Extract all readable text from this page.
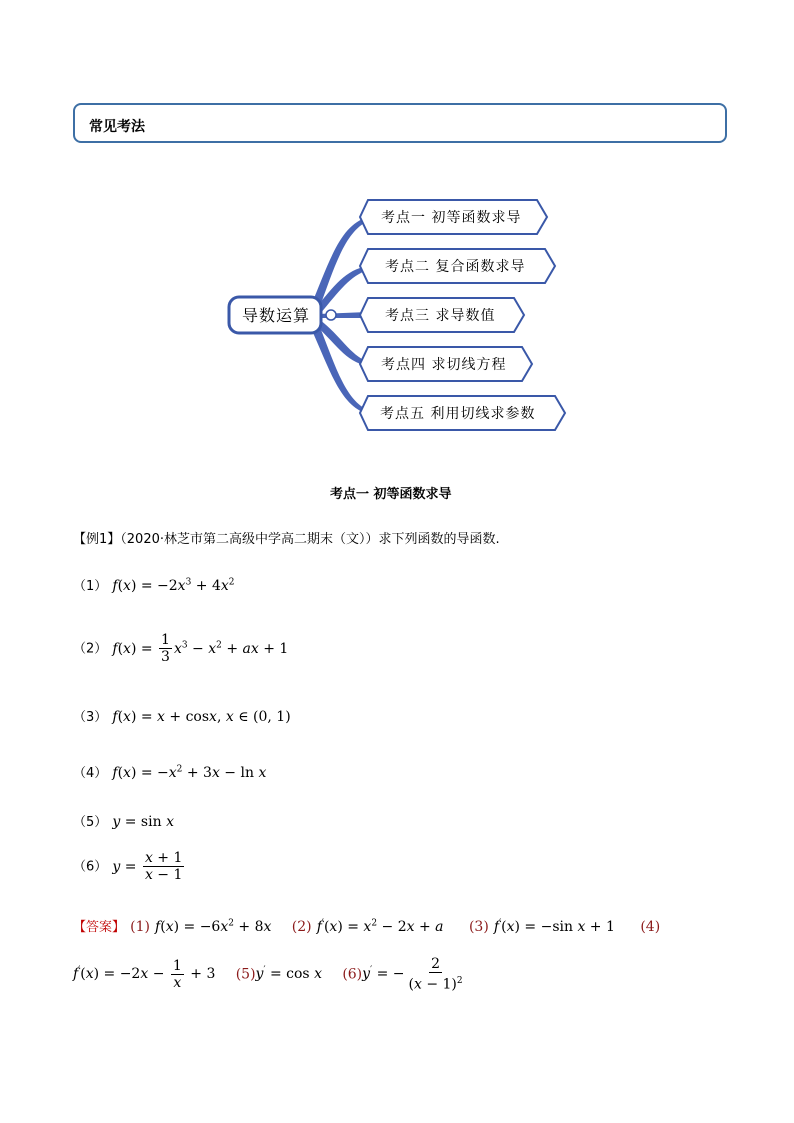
常见考法
导数运算
考点一 初等函数求导
考点二 复合函数求导
考点三 求导数值
考点四 求切线方程
考点五 利用切线求参数
考点一 初等函数求导
【例1】（2020·林芝市第二高级中学高二期末（文））求下列函数的导函数.
（1） $f(x) = -2x^3 + 4x^2$
（2） $f(x) = \frac{1}{3} x^3 - x^2$ + ax + 1
（3） f(x) = x + cosx, x ∈ (0, 1)
（4） $f(x) = -x^2 + 3x - \ln x$
（5） y = sin x
（6） $y = \frac{x + 1}{x - 1}$
【答案】 (1) $f(x) = -6x^2 + 8x$ (2) $f'(x) = x^2 - 2x + a$ (3) f′(x) = −sin x + 1 (4)
$f'(x) = -2x - \frac{1}{x} + 3$ (5)y′ = cos x (6)y′ = − $\frac{2}{(x - 1)^2}$
